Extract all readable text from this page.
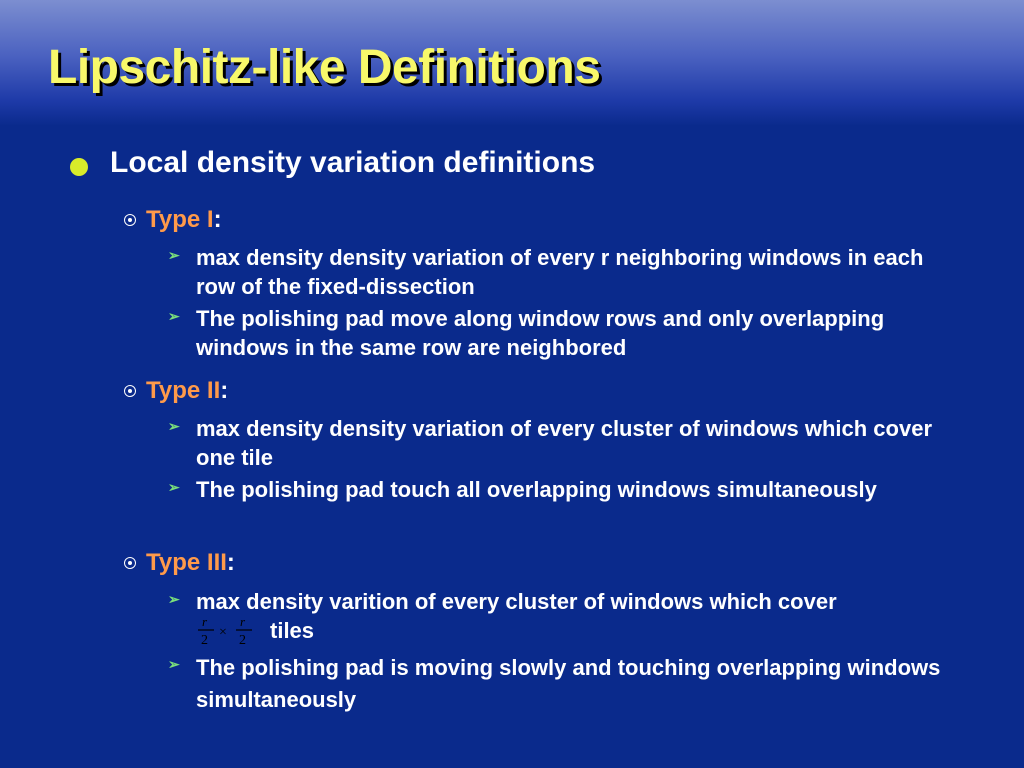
Lipschitz-like Definitions
Local density variation definitions
Type I :
➢ max density density variation of every r neighboring windows in each row of the fixed-dissection
➢ The polishing pad move along window rows and only overlapping windows in the same row are neighbored
Type II :
➢ max density density variation of every cluster of windows which cover one tile
➢ The polishing pad touch all overlapping windows simultaneously
Type III :
➢ max density varition of every cluster of windows which cover
r
2
×
r
2 tiles
➢ The polishing pad is moving slowly and touching overlapping windows simultaneously
